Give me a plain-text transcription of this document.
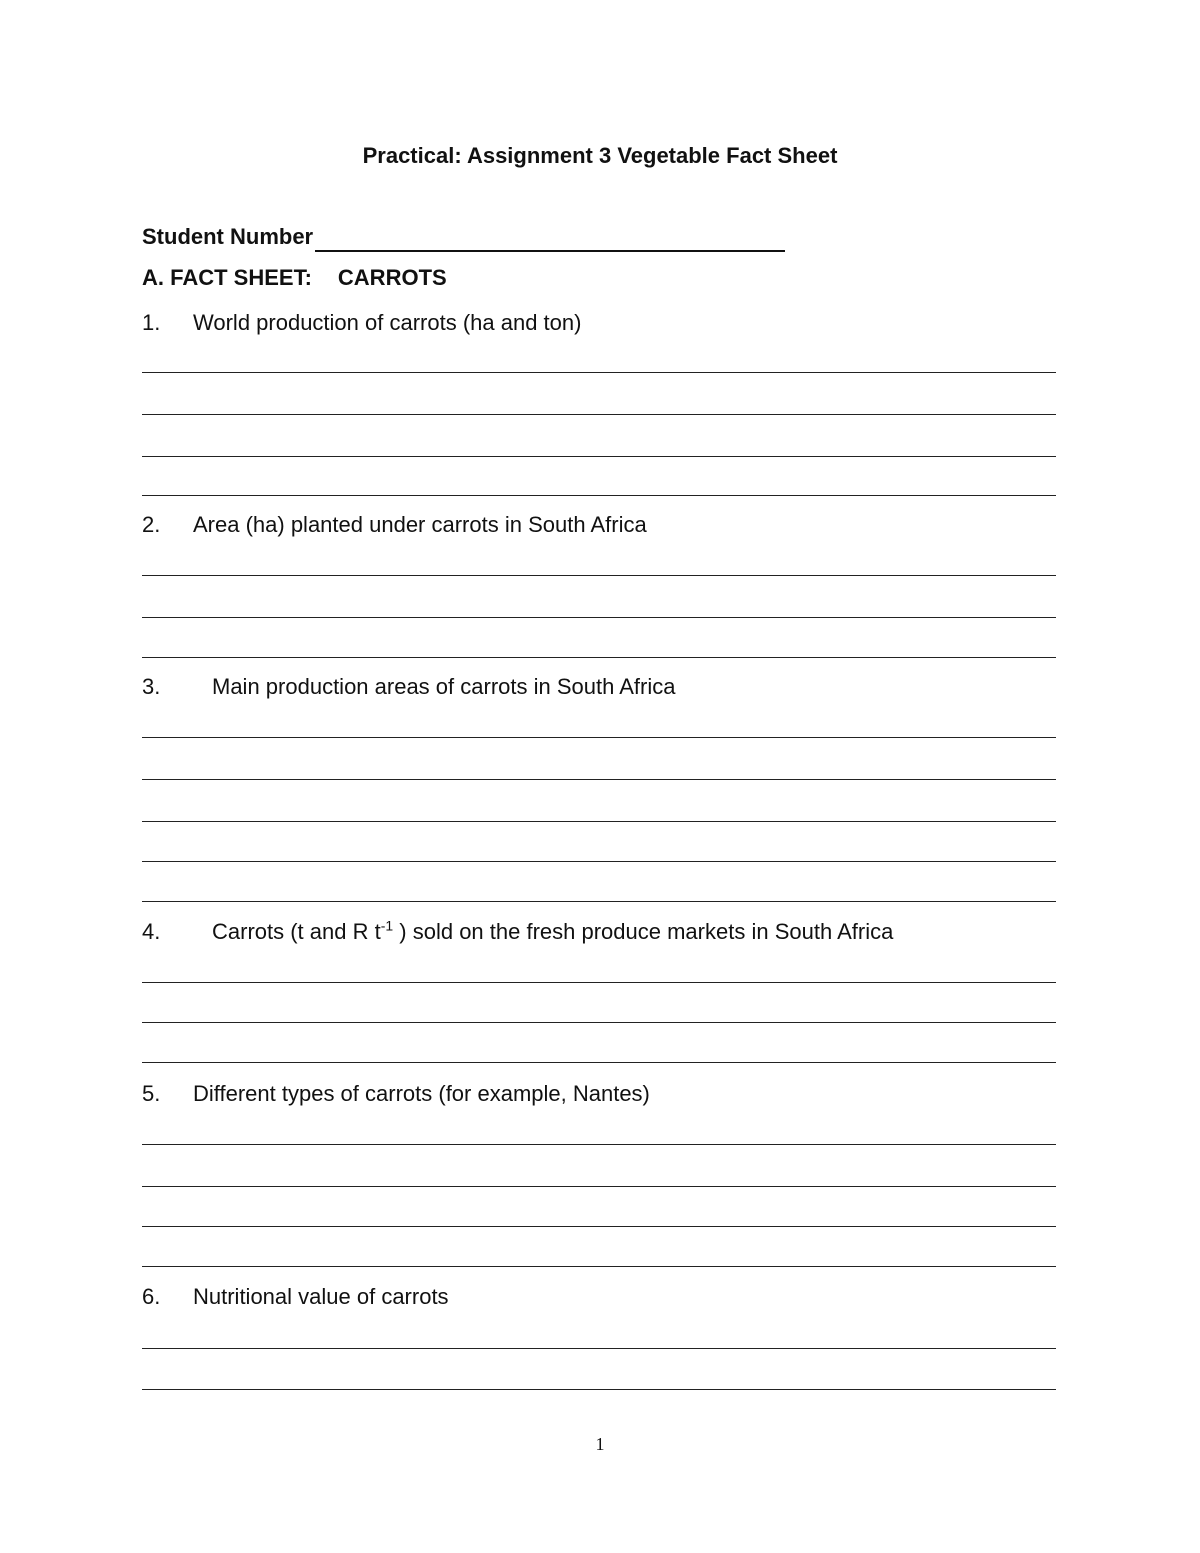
Practical: Assignment 3 Vegetable Fact Sheet
Student Number
A. FACT SHEET: CARROTS
1. World production of carrots (ha and ton)
2. Area (ha) planted under carrots in South Africa
3. Main production areas of carrots in South Africa
4. Carrots (t and R $t^{-1}$ ) sold on the fresh produce markets in South Africa
5. Different types of carrots (for example, Nantes)
6. Nutritional value of carrots
1
